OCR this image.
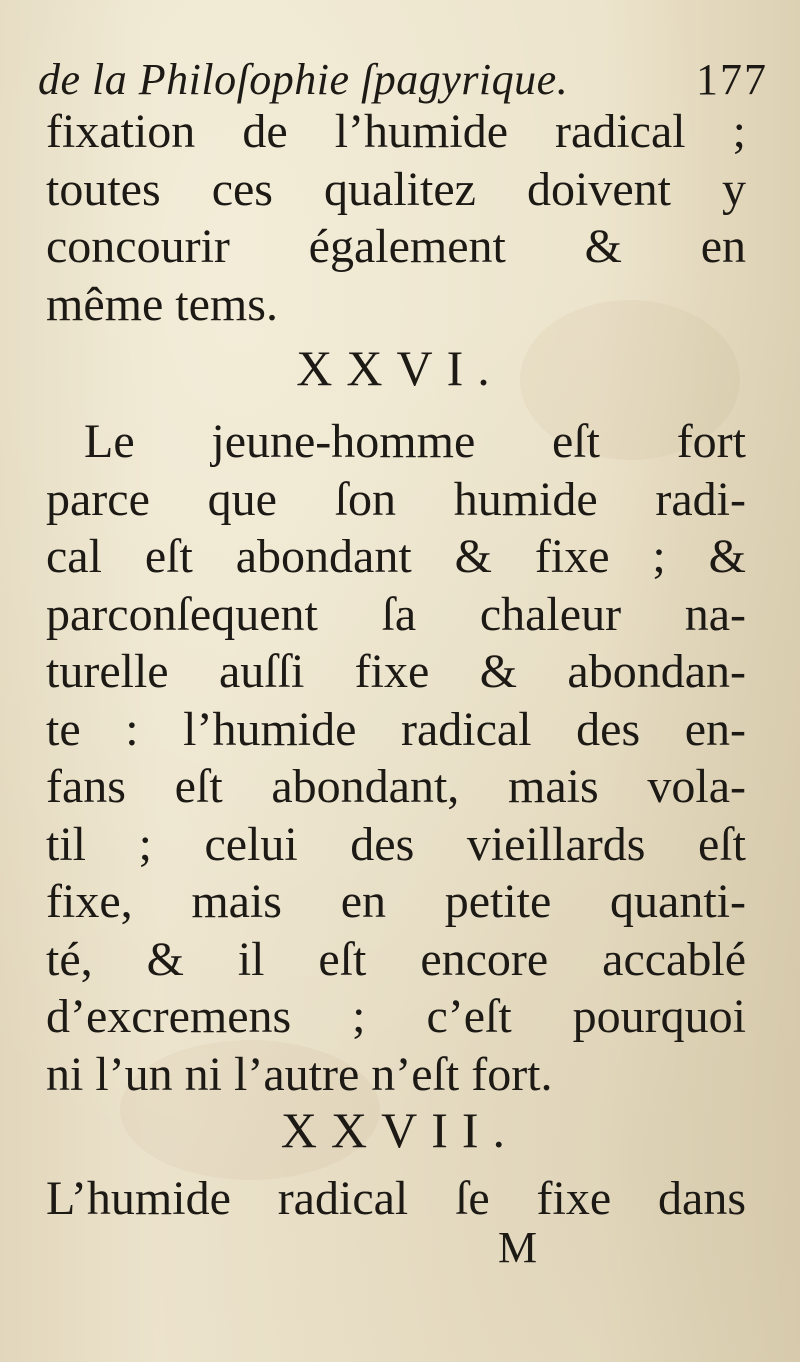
de la Philoſophie ſpagyrique.	177
fixation de l’humide radical ;
toutes ces qualitez doivent y
concourir également & en
même tems.
XXVI.
Le jeune-homme eſt fort
parce que ſon humide radi-
cal eſt abondant & fixe ; &
parconſequent ſa chaleur na-
turelle auſſi fixe & abondan-
te : l’humide radical des en-
fans eſt abondant, mais vola-
til ; celui des vieillards eſt
fixe, mais en petite quanti-
té, & il eſt encore accablé
d’excremens ; c’eſt pourquoi
ni l’un ni l’autre n’eſt fort.
XXVII.
L’humide radical ſe fixe dans
M
